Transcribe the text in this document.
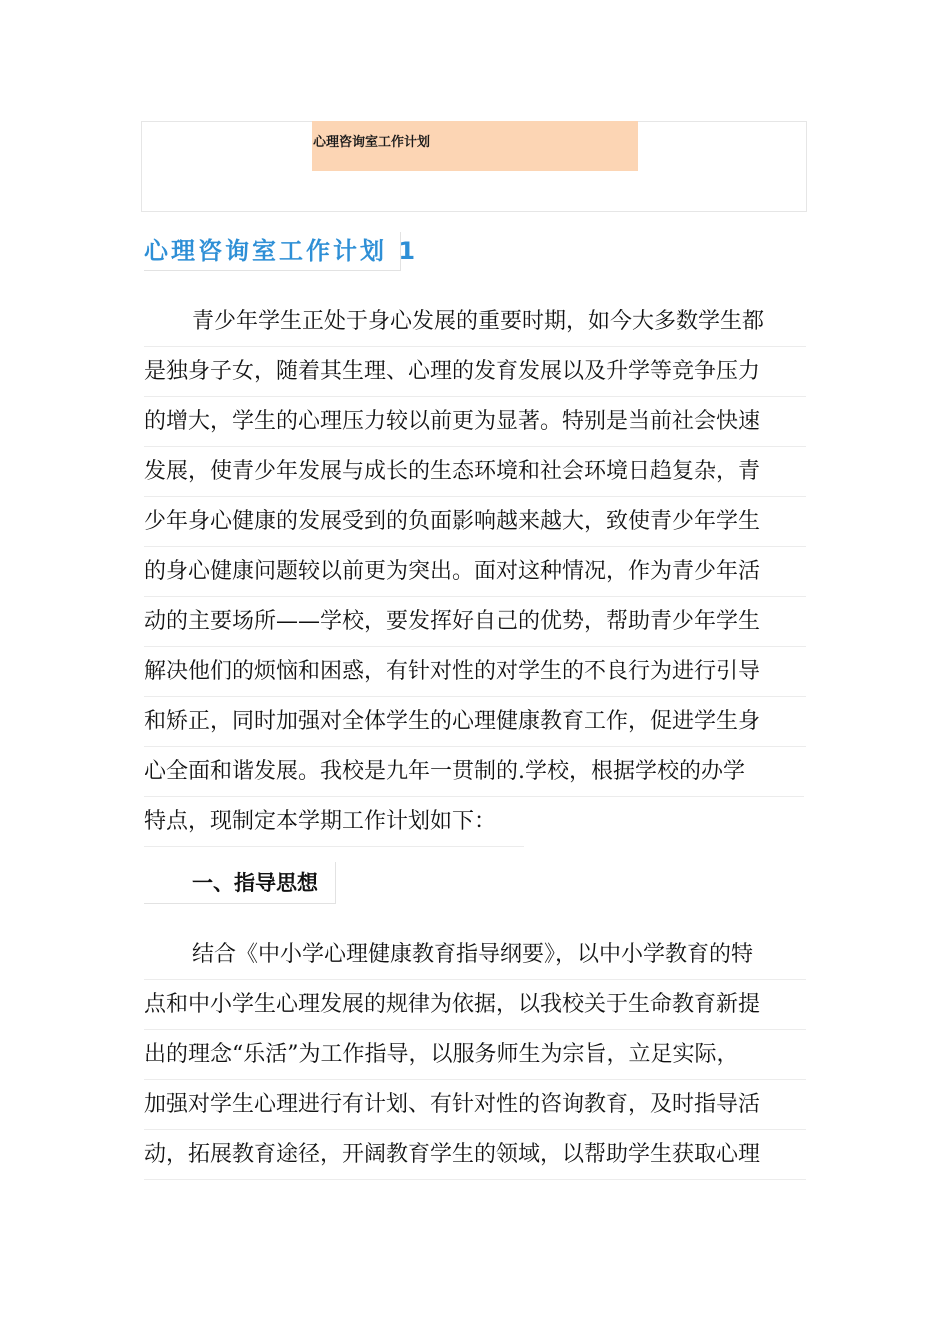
心理咨询室工作计划
心理咨询室工作计划 1
青少年学生正处于身心发展的重要时期，如今大多数学生都
是独身子女，随着其生理、心理的发育发展以及升学等竞争压力
的增大，学生的心理压力较以前更为显著。特别是当前社会快速
发展，使青少年发展与成长的生态环境和社会环境日趋复杂，青
少年身心健康的发展受到的负面影响越来越大，致使青少年学生
的身心健康问题较以前更为突出。面对这种情况，作为青少年活
动的主要场所——学校，要发挥好自己的优势，帮助青少年学生
解决他们的烦恼和困惑，有针对性的对学生的不良行为进行引导
和矫正，同时加强对全体学生的心理健康教育工作，促进学生身
心全面和谐发展。我校是九年一贯制的.学校，根据学校的办学
特点，现制定本学期工作计划如下：
一、指导思想
结合《中小学心理健康教育指导纲要》，以中小学教育的特
点和中小学生心理发展的规律为依据，以我校关于生命教育新提
出的理念“乐活”为工作指导，以服务师生为宗旨，立足实际，
加强对学生心理进行有计划、有针对性的咨询教育，及时指导活
动，拓展教育途径，开阔教育学生的领域，以帮助学生获取心理
